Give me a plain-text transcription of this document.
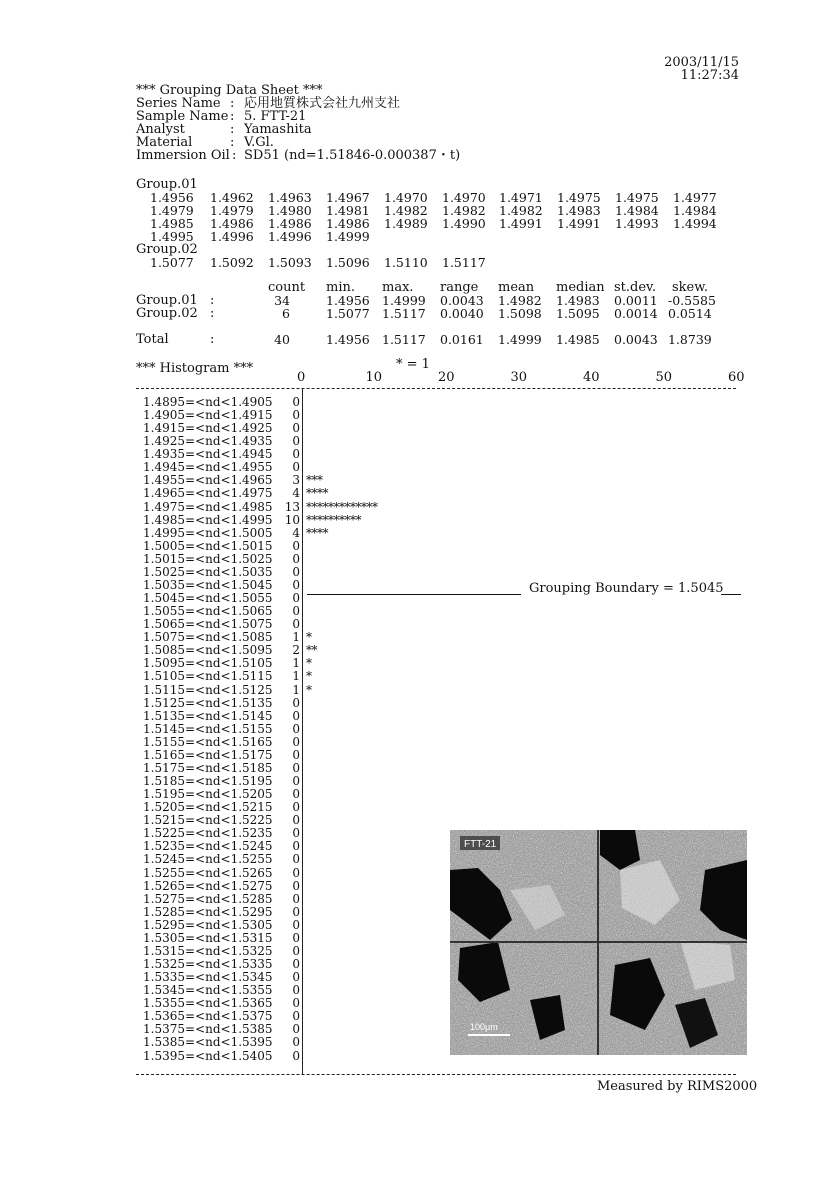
2003/11/15
11:27:34
*** Grouping Data Sheet ***
Series Name : 応用地質株式会社九州支社
Sample Name : 5. FTT-21
Analyst	: Yamashita
Material	: V.Gl.
Immersion Oil : SD51 (nd=1.51846-0.000387・t)
Group.01
1.4956 1.4962 1.4963 1.4967 1.4970 1.4970 1.4971 1.4975 1.4975 1.4977
1.4979 1.4979 1.4980 1.4981 1.4982 1.4982 1.4982 1.4983 1.4984 1.4984
1.4985 1.4986 1.4986 1.4986 1.4989 1.4990 1.4991 1.4991 1.4993 1.4994
1.4995 1.4996 1.4996 1.4999
Group.02
1.5077 1.5092 1.5093 1.5096 1.5110 1.5117
count min. max. range mean median st.dev. skew.
Group.01 :	34	1.4956 1.4999 0.0043 1.4982 1.4983 0.0011 -0.5585
Group.02 :	6	1.5077 1.5117 0.0040 1.5098 1.5095 0.0014 0.0514
Total	:	40	1.4956 1.5117 0.0161 1.4999 1.4985 0.0043 1.8739
*** Histogram ***	* = 1
0	10	20	30	40	50	60
1.4895=<nd<1.4905	0
1.4905=<nd<1.4915	0
1.4915=<nd<1.4925	0
1.4925=<nd<1.4935	0
1.4935=<nd<1.4945	0
1.4945=<nd<1.4955	0
1.4955=<nd<1.4965	3 ***
1.4965=<nd<1.4975	4 ****
1.4975=<nd<1.4985 13 *************
1.4985=<nd<1.4995 10 **********
1.4995=<nd<1.5005	4 ****
1.5005=<nd<1.5015	0
1.5015=<nd<1.5025	0
1.5025=<nd<1.5035	0
1.5035=<nd<1.5045	0
1.5045=<nd<1.5055	0
1.5055=<nd<1.5065	0
1.5065=<nd<1.5075	0
1.5075=<nd<1.5085	1 *
1.5085=<nd<1.5095	2 **
1.5095=<nd<1.5105	1 *
1.5105=<nd<1.5115	1 *
1.5115=<nd<1.5125	1 *
1.5125=<nd<1.5135	0
1.5135=<nd<1.5145	0
1.5145=<nd<1.5155	0
1.5155=<nd<1.5165	0
1.5165=<nd<1.5175	0
1.5175=<nd<1.5185	0
1.5185=<nd<1.5195	0
1.5195=<nd<1.5205	0
1.5205=<nd<1.5215	0
1.5215=<nd<1.5225	0
1.5225=<nd<1.5235	0
1.5235=<nd<1.5245	0
1.5245=<nd<1.5255	0
1.5255=<nd<1.5265	0
1.5265=<nd<1.5275	0
1.5275=<nd<1.5285	0
1.5285=<nd<1.5295	0
1.5295=<nd<1.5305	0
1.5305=<nd<1.5315	0
1.5315=<nd<1.5325	0
1.5325=<nd<1.5335	0
1.5335=<nd<1.5345	0
1.5345=<nd<1.5355	0
1.5355=<nd<1.5365	0
1.5365=<nd<1.5375	0
1.5375=<nd<1.5385	0
1.5385=<nd<1.5395	0
1.5395=<nd<1.5405	0
Grouping Boundary = 1.5045
FTT-21
100μm
Measured by RIMS2000
